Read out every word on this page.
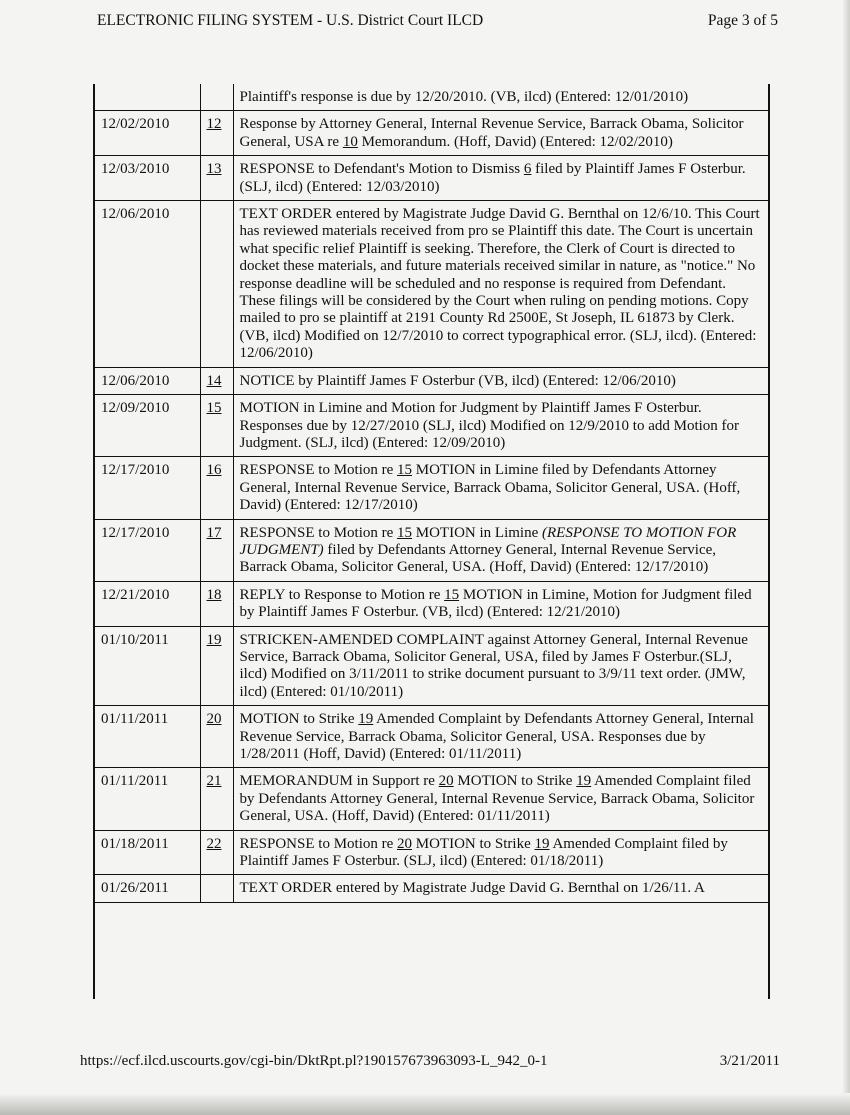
ELECTRONIC FILING SYSTEM - U.S. District Court ILCD	Page 3 of 5
		Plaintiff's response is due by 12/20/2010. (VB, ilcd) (Entered: 12/01/2010)
12/02/2010	12	Response by Attorney General, Internal Revenue Service, Barrack Obama, Solicitor General, USA re 10 Memorandum. (Hoff, David) (Entered: 12/02/2010)
12/03/2010	13	RESPONSE to Defendant's Motion to Dismiss 6 filed by Plaintiff James F Osterbur. (SLJ, ilcd) (Entered: 12/03/2010)
12/06/2010		TEXT ORDER entered by Magistrate Judge David G. Bernthal on 12/6/10. This Court has reviewed materials received from pro se Plaintiff this date. The Court is uncertain what specific relief Plaintiff is seeking. Therefore, the Clerk of Court is directed to docket these materials, and future materials received similar in nature, as "notice." No response deadline will be scheduled and no response is required from Defendant. These filings will be considered by the Court when ruling on pending motions. Copy mailed to pro se plaintiff at 2191 County Rd 2500E, St Joseph, IL 61873 by Clerk. (VB, ilcd) Modified on 12/7/2010 to correct typographical error. (SLJ, ilcd). (Entered: 12/06/2010)
12/06/2010	14	NOTICE by Plaintiff James F Osterbur (VB, ilcd) (Entered: 12/06/2010)
12/09/2010	15	MOTION in Limine and Motion for Judgment by Plaintiff James F Osterbur. Responses due by 12/27/2010 (SLJ, ilcd) Modified on 12/9/2010 to add Motion for Judgment. (SLJ, ilcd) (Entered: 12/09/2010)
12/17/2010	16	RESPONSE to Motion re 15 MOTION in Limine filed by Defendants Attorney General, Internal Revenue Service, Barrack Obama, Solicitor General, USA. (Hoff, David) (Entered: 12/17/2010)
12/17/2010	17	RESPONSE to Motion re 15 MOTION in Limine (RESPONSE TO MOTION FOR JUDGMENT) filed by Defendants Attorney General, Internal Revenue Service, Barrack Obama, Solicitor General, USA. (Hoff, David) (Entered: 12/17/2010)
12/21/2010	18	REPLY to Response to Motion re 15 MOTION in Limine, Motion for Judgment filed by Plaintiff James F Osterbur. (VB, ilcd) (Entered: 12/21/2010)
01/10/2011	19	STRICKEN-AMENDED COMPLAINT against Attorney General, Internal Revenue Service, Barrack Obama, Solicitor General, USA, filed by James F Osterbur.(SLJ, ilcd) Modified on 3/11/2011 to strike document pursuant to 3/9/11 text order. (JMW, ilcd) (Entered: 01/10/2011)
01/11/2011	20	MOTION to Strike 19 Amended Complaint by Defendants Attorney General, Internal Revenue Service, Barrack Obama, Solicitor General, USA. Responses due by 1/28/2011 (Hoff, David) (Entered: 01/11/2011)
01/11/2011	21	MEMORANDUM in Support re 20 MOTION to Strike 19 Amended Complaint filed by Defendants Attorney General, Internal Revenue Service, Barrack Obama, Solicitor General, USA. (Hoff, David) (Entered: 01/11/2011)
01/18/2011	22	RESPONSE to Motion re 20 MOTION to Strike 19 Amended Complaint filed by Plaintiff James F Osterbur. (SLJ, ilcd) (Entered: 01/18/2011)
01/26/2011		TEXT ORDER entered by Magistrate Judge David G. Bernthal on 1/26/11. A
https://ecf.ilcd.uscourts.gov/cgi-bin/DktRpt.pl?190157673963093-L_942_0-1	3/21/2011
